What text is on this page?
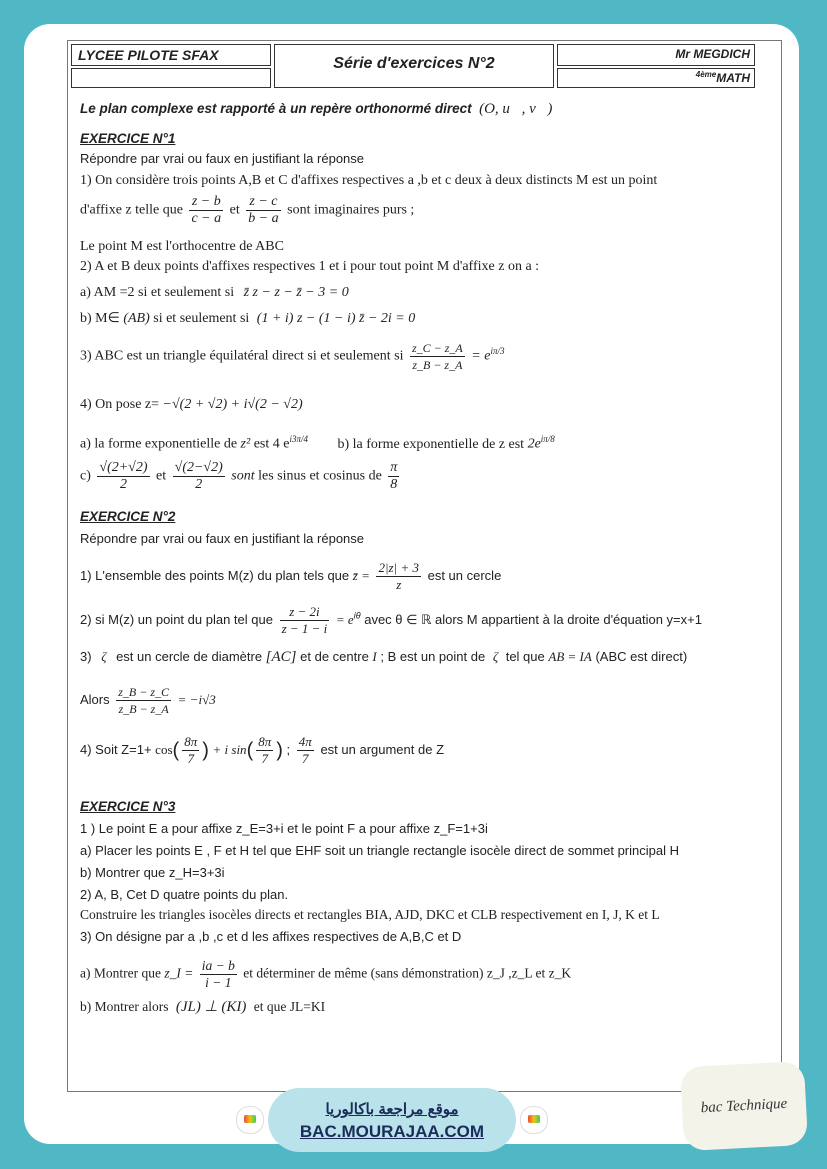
LYCEE PILOTE SFAX	Série d'exercices N°2
Mr MEGDICH
$^{4ème}$MATH
Le plan complexe est rapporté à un repère orthonormé direct (O, u⃗, v⃗)
EXERCICE N°1
Répondre par vrai ou faux en justifiant la réponse
1) On considère trois points A,B et C d'affixes respectives a ,b et c deux à deux distincts M est un point
d'affixe z telle que $\frac{z - b}{c - a}$ et $\frac{z - c}{b - a}$ sont imaginaires purs ;
Le point M est l'orthocentre de ABC
2) A et B deux points d'affixes respectives 1 et i pour tout point M d'affixe z on a :
a) AM =2 si et seulement si z̄ z − z − z̄ − 3 = 0
b) M∈ (AB) si et seulement si (1 + i) z − (1 − i) z̄ − 2i = 0
3) ABC est un triangle équilatéral direct si et seulement si $\frac{z\_C - z\_A}{z\_B - z\_A} = e^{i\pi/3}$
4) On pose z= −√(2 + √2) + i√(2 − √2)
a) la forme exponentielle de z² est 4 $e^{i3\pi/4}$ b) la forme exponentielle de z est $2e^{i\pi/8}$
$c) \frac{√(2+√2)}{2}$ et $\frac{√(2-√2)}{2}$ sont les sinus et cosinus de $\frac{\pi}{8}$
EXERCICE N°2
Répondre par vrai ou faux en justifiant la réponse
1) L'ensemble des points M(z) du plan tels que z̄ = $\frac{2|z| + 3}{z}$ est un cercle
2) si M(z) un point du plan tel que $\frac{z - 2i}{z - 1 - i} = e^{i\theta}$ avec θ ∈ ℝ alors M appartient à la droite d'équation y=x+1
3) ζ est un cercle de diamètre [AC] et de centre I ; B est un point de ζ tel que AB = IA (ABC est direct)
Alors $\frac{z\_B - z\_C}{z\_B - z\_A} = -i√3$
4) Soit $Z=1+ \cos( \frac{8\pi}{7}$ ) + i $\sin( \frac{8\pi}{7}$ ) ; $\frac{4\pi}{7}$ est un argument de Z
EXERCICE N°3
1 ) Le point E a pour affixe z_E=3+i et le point F a pour affixe z_F=1+3i
a) Placer les points E , F et H tel que EHF soit un triangle rectangle isocèle direct de sommet principal H
b) Montrer que z_H=3+3i
2) A, B, Cet D quatre points du plan.
Construire les triangles isocèles directs et rectangles BIA, AJD, DKC et CLB respectivement en I, J, K et L
3) On désigne par a ,b ,c et d les affixes respectives de A,B,C et D
a) Montrer que z_I = $\frac{ia - b}{i - 1}$ et déterminer de même (sans démonstration) z_J ,z_L et z_K
b) Montrer alors (JL) ⊥ (KI) et que JL=KI
موقع مراجعة باكالوريا
BAC.MOURAJAA.COM
bac Technique
